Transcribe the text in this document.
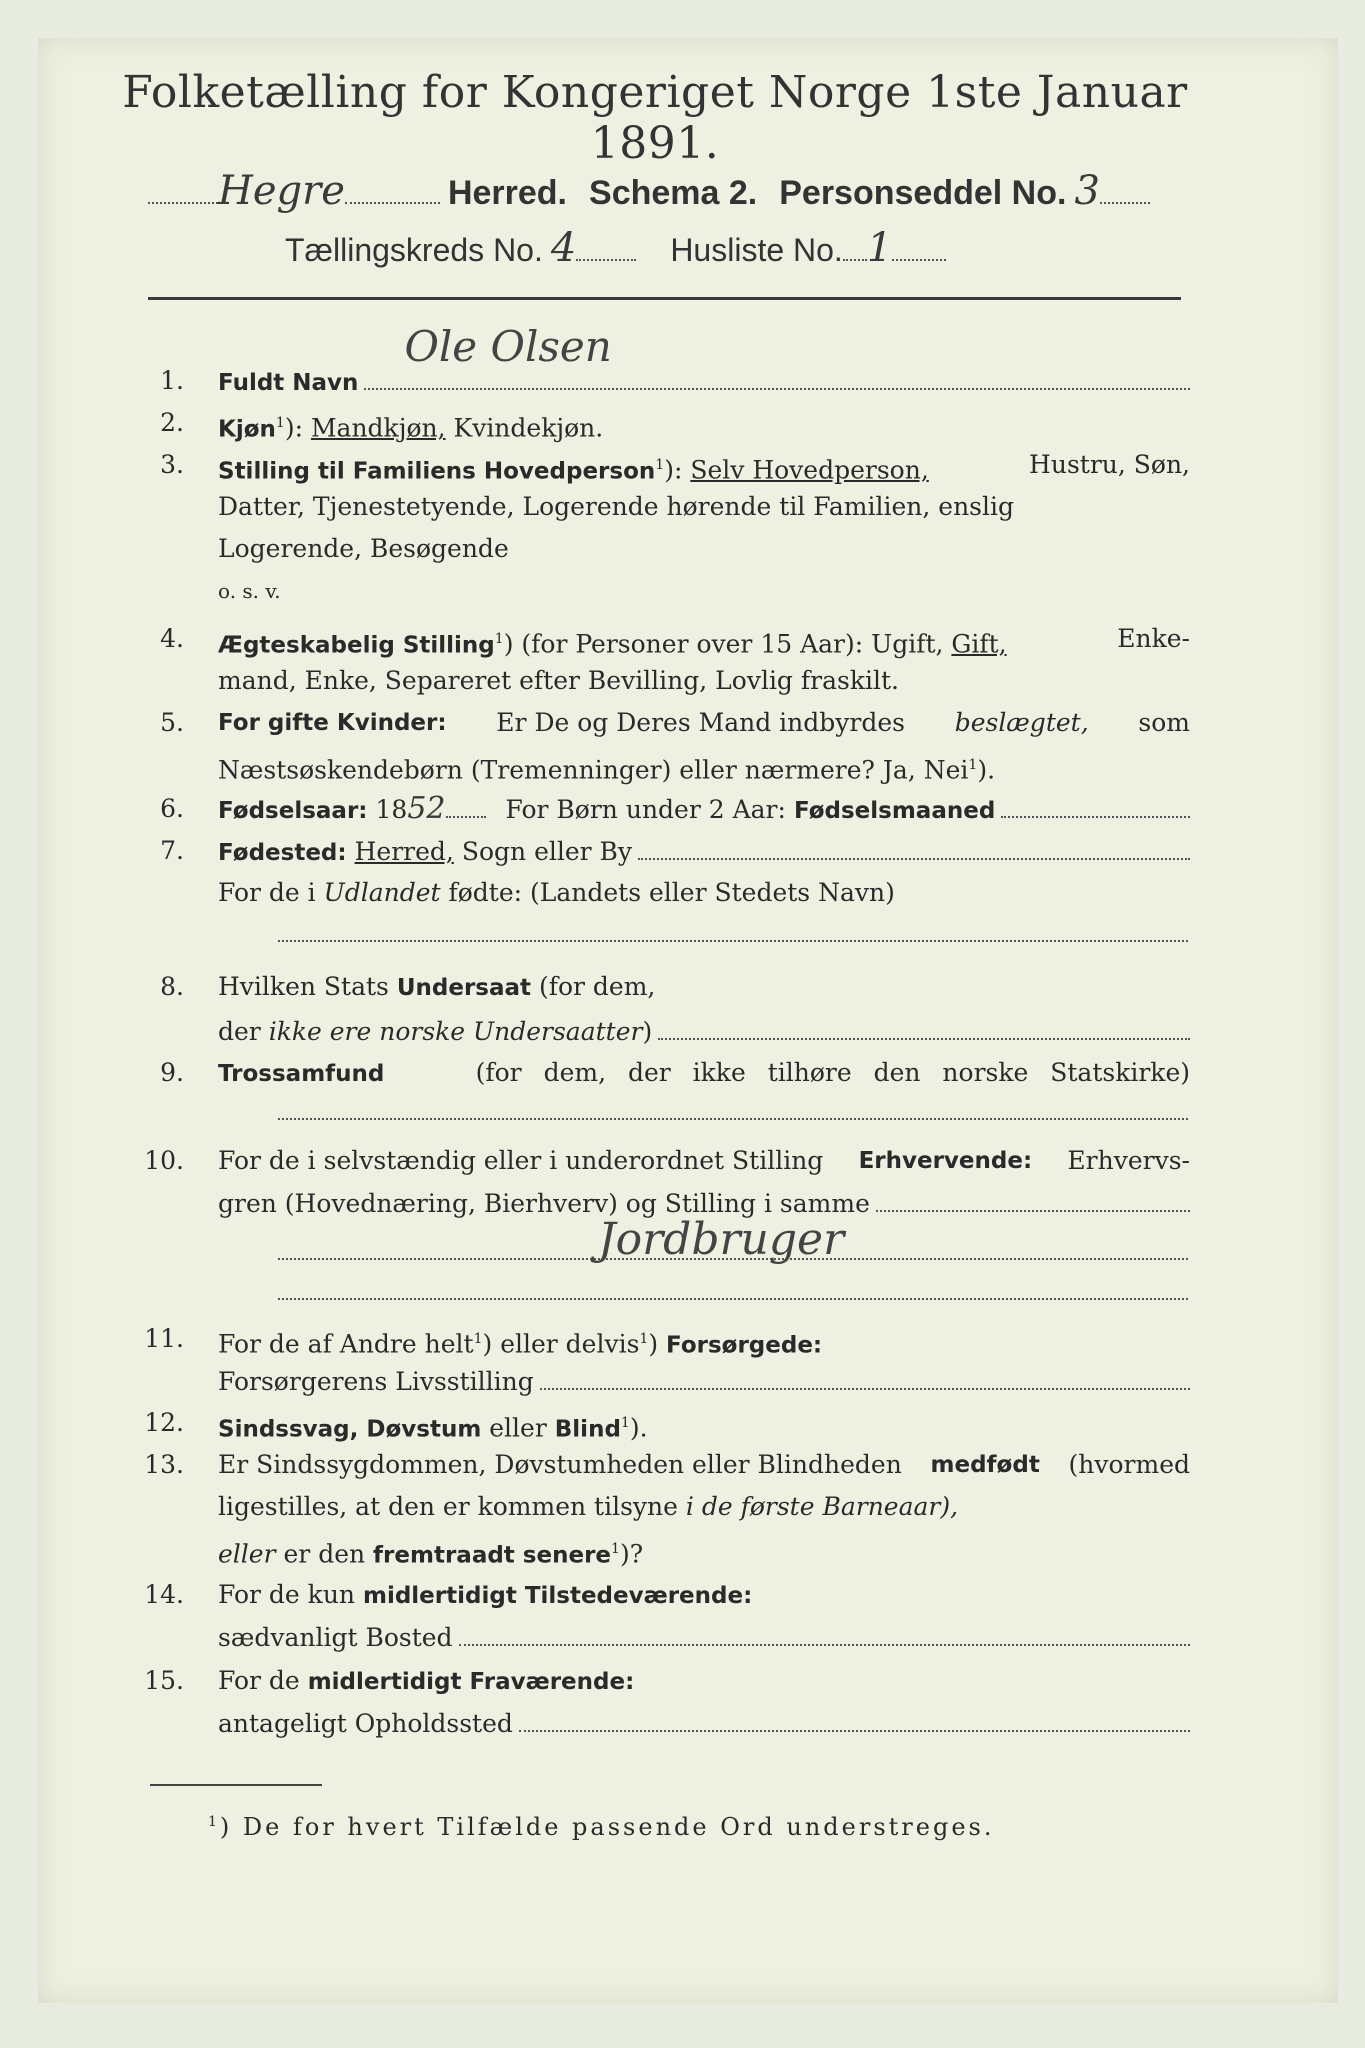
Folketælling for Kongeriget Norge 1ste Januar 1891.
Hegre	Herred. Schema 2. Personseddel No. 3
Tællingskreds No. 4	Husliste No. 1
1. Fuldt Navn
Ole Olsen
2. Kjøn$^1$): Mandkjøn, Kvindekjøn.
3. Stilling til Familiens Hovedperson$^1$): Selv Hovedperson,	Hustru, Søn,
Datter, Tjenestetyende, Logerende hørende til Familien, enslig
Logerende, Besøgende
o. s. v.
4. Ægteskabelig Stilling$^1$) (for Personer over 15 Aar): Ugift, Gift,	Enke-
mand, Enke, Separeret efter Bevilling, Lovlig fraskilt.
5. For gifte Kvinder: Er De og Deres Mand indbyrdes beslægtet, som
Næstsøskendebørn (Tremenninger) eller nærmere? Ja, Nei$^1$).
6. Fødselsaar: 18 52 For Børn under 2 Aar: Fødselsmaaned
7. Fødested: Herred, Sogn eller By
For de i Udlandet fødte: (Landets eller Stedets Navn)
8. Hvilken Stats Undersaat (for dem,
der
ikke ere norske Undersaatter )
9. Trossamfund	(for dem, der ikke tilhøre den norske Statskirke)
10. For de i selvstændig eller i underordnet Stilling Erhvervende: Erhvervs-
gren (Hovednæring, Bierhverv) og Stilling i samme
Jordbruger
11. For de af Andre helt$^1$) eller delvis$^1$) Forsørgede:
Forsørgerens Livsstilling
12. Sindssvag, Døvstum eller Blind$^1$).
13. Er Sindssygdommen, Døvstumheden eller Blindheden medfødt (hvormed
ligestilles, at den er kommen tilsyne i de første Barneaar),
eller er den fremtraadt senere$^1$)?
14. For de kun midlertidigt Tilstedeværende:
sædvanligt Bosted
15. For de midlertidigt Fraværende:
antageligt Opholdssted
$^1$) De for hvert Tilfælde passende Ord understreges.
